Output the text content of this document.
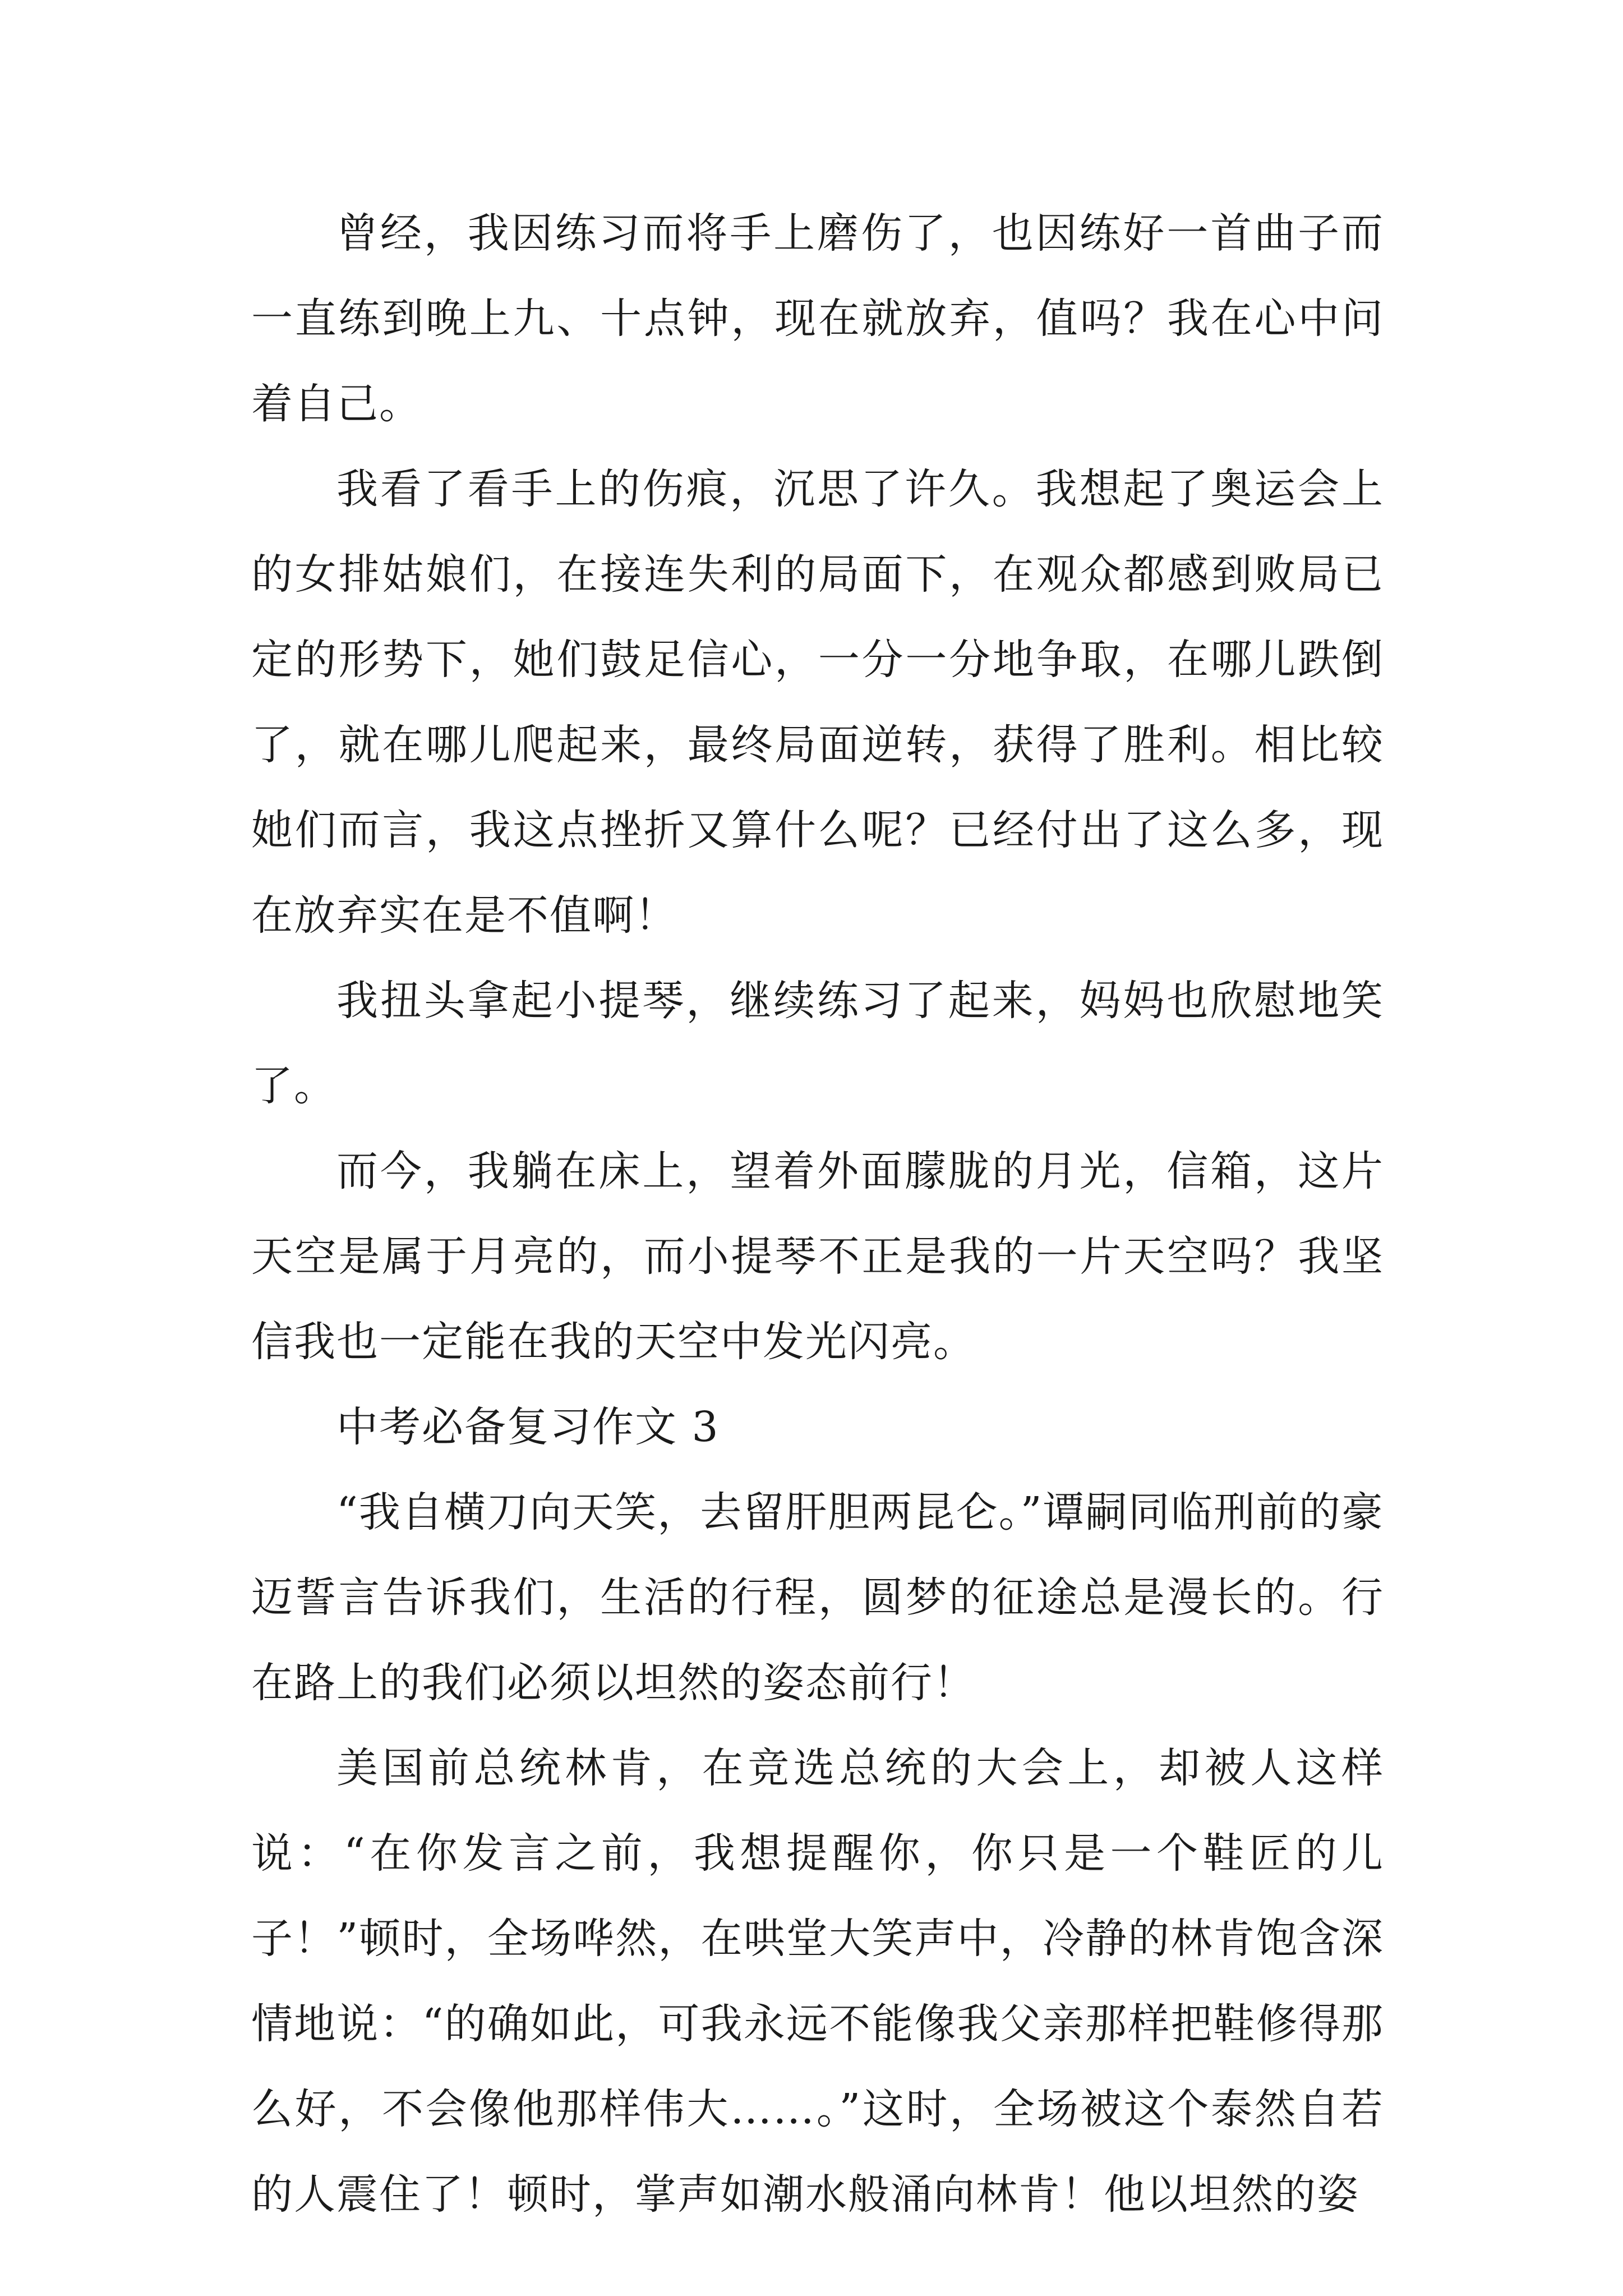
曾经，我因练习而将手上磨伤了，也因练好一首曲子而一直练到晚上九、十点钟，现在就放弃，值吗？我在心中问着自己。

我看了看手上的伤痕，沉思了许久。我想起了奥运会上的女排姑娘们，在接连失利的局面下，在观众都感到败局已定的形势下，她们鼓足信心，一分一分地争取，在哪儿跌倒了，就在哪儿爬起来，最终局面逆转，获得了胜利。相比较她们而言，我这点挫折又算什么呢？已经付出了这么多，现在放弃实在是不值啊！

我扭头拿起小提琴，继续练习了起来，妈妈也欣慰地笑了。

而今，我躺在床上，望着外面朦胧的月光，信箱，这片天空是属于月亮的，而小提琴不正是我的一片天空吗？我坚信我也一定能在我的天空中发光闪亮。

中考必备复习作文 3

“我自横刀向天笑，去留肝胆两昆仑。”谭嗣同临刑前的豪迈誓言告诉我们，生活的行程，圆梦的征途总是漫长的。行在路上的我们必须以坦然的姿态前行！

美国前总统林肯，在竞选总统的大会上，却被人这样说：“在你发言之前，我想提醒你，你只是一个鞋匠的儿子！”顿时，全场哗然，在哄堂大笑声中，冷静的林肯饱含深情地说：“的确如此，可我永远不能像我父亲那样把鞋修得那么好，不会像他那样伟大……。”这时，全场被这个泰然自若的人震住了！顿时，掌声如潮水般涌向林肯！他以坦然的姿
